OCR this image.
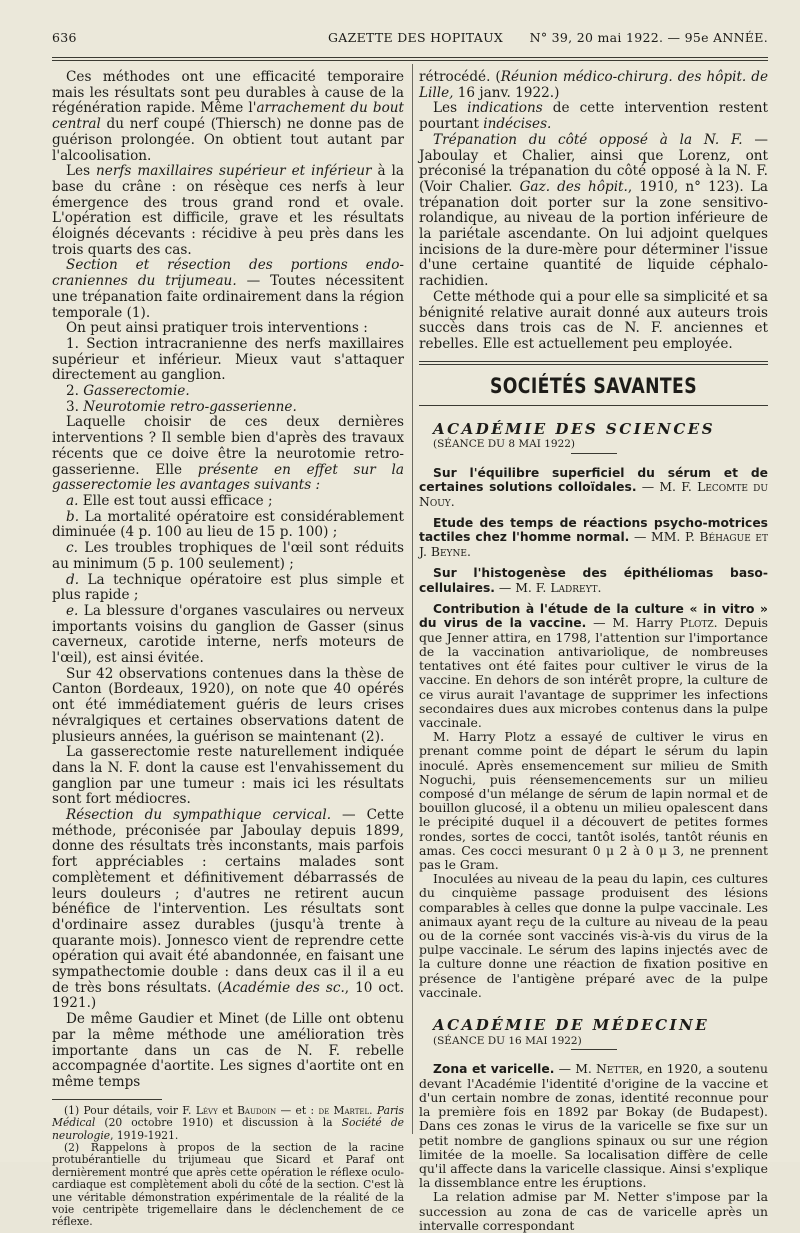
636	GAZETTE DES HOPITAUX N° 39, 20 mai 1922. — 95e ANNÉE.

Ces méthodes ont une efficacité temporaire mais les résultats sont peu durables à cause de la régénération rapide. Même l'arrachement du bout central du nerf coupé (Thiersch) ne donne pas de guérison prolongée. On obtient tout autant par l'alcoolisation.

Les nerfs maxillaires supérieur et inférieur à la base du crâne : on résèque ces nerfs à leur émergence des trous grand rond et ovale. L'opération est difficile, grave et les résultats éloignés décevants : récidive à peu près dans les trois quarts des cas.

Section et résection des portions endo-craniennes du trijumeau. — Toutes nécessitent une trépanation faite ordinairement dans la région temporale (1).

On peut ainsi pratiquer trois interventions :

1. Section intracranienne des nerfs maxillaires supérieur et inférieur. Mieux vaut s'attaquer directement au ganglion.

2. Gasserectomie.

3. Neurotomie retro-gasserienne.

Laquelle choisir de ces deux dernières interventions ? Il semble bien d'après des travaux récents que ce doive être la neurotomie retro-gasserienne. Elle présente en effet sur la gasserectomie les avantages suivants :

a. Elle est tout aussi efficace ;

b. La mortalité opératoire est considérablement diminuée (4 p. 100 au lieu de 15 p. 100) ;

c. Les troubles trophiques de l'œil sont réduits au minimum (5 p. 100 seulement) ;

d. La technique opératoire est plus simple et plus rapide ;

e. La blessure d'organes vasculaires ou nerveux importants voisins du ganglion de Gasser (sinus caverneux, carotide interne, nerfs moteurs de l'œil), est ainsi évitée.

Sur 42 observations contenues dans la thèse de Canton (Bordeaux, 1920), on note que 40 opérés ont été immédiatement guéris de leurs crises névralgiques et certaines observations datent de plusieurs années, la guérison se maintenant (2).

La gasserectomie reste naturellement indiquée dans la N. F. dont la cause est l'envahissement du ganglion par une tumeur : mais ici les résultats sont fort médiocres.

Résection du sympathique cervical. — Cette méthode, préconisée par Jaboulay depuis 1899, donne des résultats très inconstants, mais parfois fort appréciables : certains malades sont complètement et définitivement débarrassés de leurs douleurs ; d'autres ne retirent aucun bénéfice de l'intervention. Les résultats sont d'ordinaire assez durables (jusqu'à trente à quarante mois). Jonnesco vient de reprendre cette opération qui avait été abandonnée, en faisant une sympathectomie double : dans deux cas il il a eu de très bons résultats. (Académie des sc., 10 oct. 1921.)

De même Gaudier et Minet (de Lille ont obtenu par la même méthode une amélioration très importante dans un cas de N. F. rebelle accompagnée d'aortite. Les signes d'aortite ont en même temps

(1) Pour détails, voir F. Lévy et Baudoin — et : de Martel. Paris Médical (20 octobre 1910) et discussion à la Société de neurologie, 1919-1921.

(2) Rappelons à propos de la section de la racine protubérantielle du trijumeau que Sicard et Paraf ont dernièrement montré que après cette opération le réflexe oculo-cardiaque est complètement aboli du côté de la section. C'est là une véritable démonstration expérimentale de la réalité de la voie centripète trigemellaire dans le déclenchement de ce réflexe.

rétrocédé. (Réunion médico-chirurg. des hôpit. de Lille, 16 janv. 1922.)

Les indications de cette intervention restent pourtant indécises.

Trépanation du côté opposé à la N. F. — Jaboulay et Chalier, ainsi que Lorenz, ont préconisé la trépanation du côté opposé à la N. F. (Voir Chalier. Gaz. des hôpit., 1910, n° 123). La trépanation doit porter sur la zone sensitivo-rolandique, au niveau de la portion inférieure de la pariétale ascendante. On lui adjoint quelques incisions de la dure-mère pour déterminer l'issue d'une certaine quantité de liquide céphalo-rachidien.

Cette méthode qui a pour elle sa simplicité et sa bénignité relative aurait donné aux auteurs trois succès dans trois cas de N. F. anciennes et rebelles. Elle est actuellement peu employée.

SOCIÉTÉS SAVANTES

ACADÉMIE DES SCIENCES

(SÉANCE DU 8 MAI 1922)

Sur l'équilibre superficiel du sérum et de certaines solutions colloïdales. — M. F. Lecomte du Nouy.

Etude des temps de réactions psycho-motrices tactiles chez l'homme normal. — MM. P. Béhague et J. Beyne.

Sur l'histogenèse des épithéliomas baso-cellulaires. — M. F. Ladreyt.

Contribution à l'étude de la culture « in vitro » du virus de la vaccine. — M. Harry Plotz. Depuis que Jenner attira, en 1798, l'attention sur l'importance de la vaccination antivariolique, de nombreuses tentatives ont été faites pour cultiver le virus de la vaccine. En dehors de son intérêt propre, la culture de ce virus aurait l'avantage de supprimer les infections secondaires dues aux microbes contenus dans la pulpe vaccinale.

M. Harry Plotz a essayé de cultiver le virus en prenant comme point de départ le sérum du lapin inoculé. Après ensemencement sur milieu de Smith Noguchi, puis réensemencements sur un milieu composé d'un mélange de sérum de lapin normal et de bouillon glucosé, il a obtenu un milieu opalescent dans le précipité duquel il a découvert de petites formes rondes, sortes de cocci, tantôt isolés, tantôt réunis en amas. Ces cocci mesurant 0 μ 2 à 0 μ 3, ne prennent pas le Gram.

Inoculées au niveau de la peau du lapin, ces cultures du cinquième passage produisent des lésions comparables à celles que donne la pulpe vaccinale. Les animaux ayant reçu de la culture au niveau de la peau ou de la cornée sont vaccinés vis-à-vis du virus de la pulpe vaccinale. Le sérum des lapins injectés avec de la culture donne une réaction de fixation positive en présence de l'antigène préparé avec de la pulpe vaccinale.

ACADÉMIE DE MÉDECINE

(SÉANCE DU 16 MAI 1922)

Zona et varicelle. — M. Netter, en 1920, a soutenu devant l'Académie l'identité d'origine de la vaccine et d'un certain nombre de zonas, identité reconnue pour la première fois en 1892 par Bokay (de Budapest). Dans ces zonas le virus de la varicelle se fixe sur un petit nombre de ganglions spinaux ou sur une région limitée de la moelle. Sa localisation diffère de celle qu'il affecte dans la varicelle classique. Ainsi s'explique la dissemblance entre les éruptions.

La relation admise par M. Netter s'impose par la succession au zona de cas de varicelle après un intervalle correspondant
